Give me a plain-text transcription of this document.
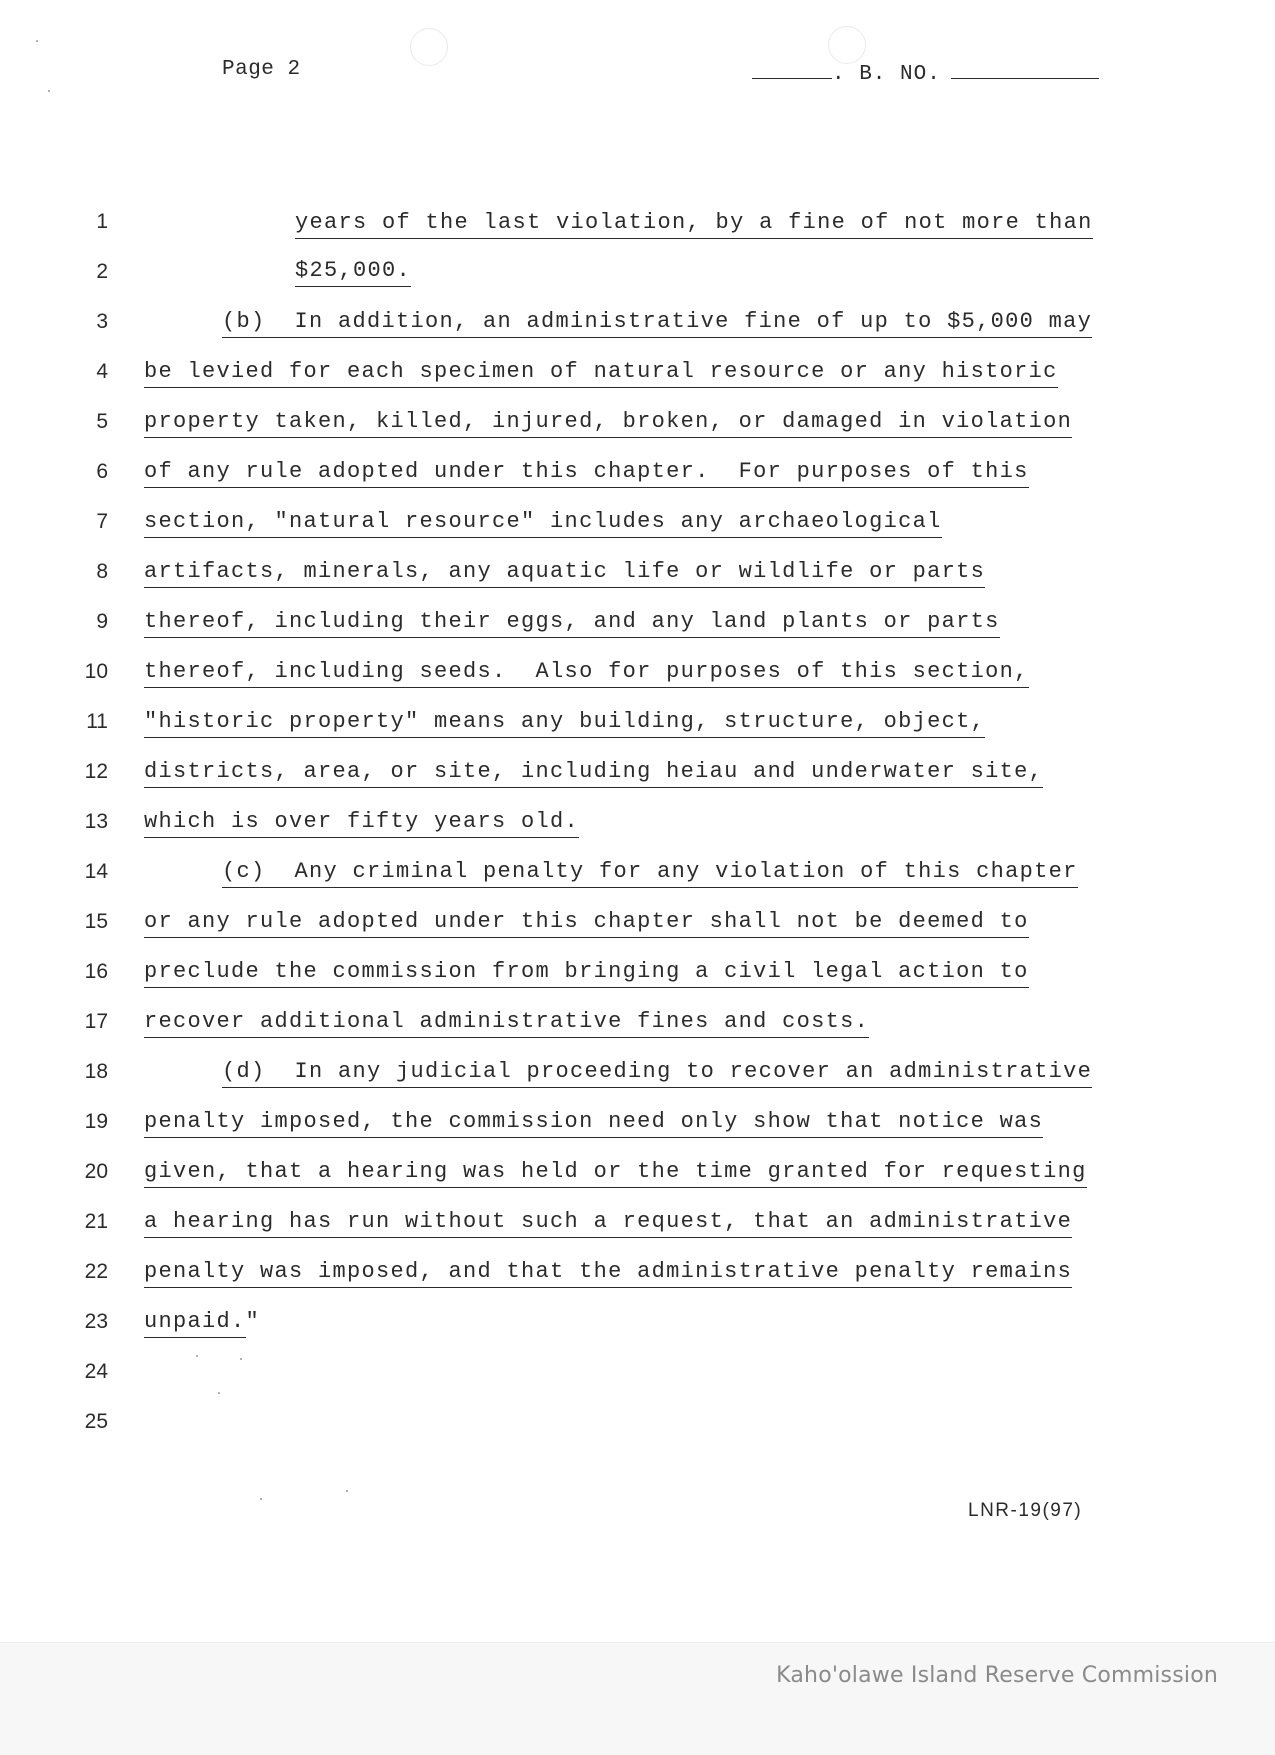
Page 2	. B. NO.
1	years of the last violation, by a fine of not more than
2	$25,000.
3	(b)  In addition, an administrative fine of up to $5,000 may
4 be levied for each specimen of natural resource or any historic
5 property taken, killed, injured, broken, or damaged in violation
6 of any rule adopted under this chapter.  For purposes of this
7 section, "natural resource" includes any archaeological
8 artifacts, minerals, any aquatic life or wildlife or parts
9 thereof, including their eggs, and any land plants or parts
10 thereof, including seeds.  Also for purposes of this section,
11 "historic property" means any building, structure, object,
12 districts, area, or site, including heiau and underwater site,
13 which is over fifty years old.
14	(c)  Any criminal penalty for any violation of this chapter
15 or any rule adopted under this chapter shall not be deemed to
16 preclude the commission from bringing a civil legal action to
17 recover additional administrative fines and costs.
18	(d)  In any judicial proceeding to recover an administrative
19 penalty imposed, the commission need only show that notice was
20 given, that a hearing was held or the time granted for requesting
21 a hearing has run without such a request, that an administrative
22 penalty was imposed, and that the administrative penalty remains
23 unpaid."
24
25
LNR-19(97)
Kaho'olawe Island Reserve Commission
